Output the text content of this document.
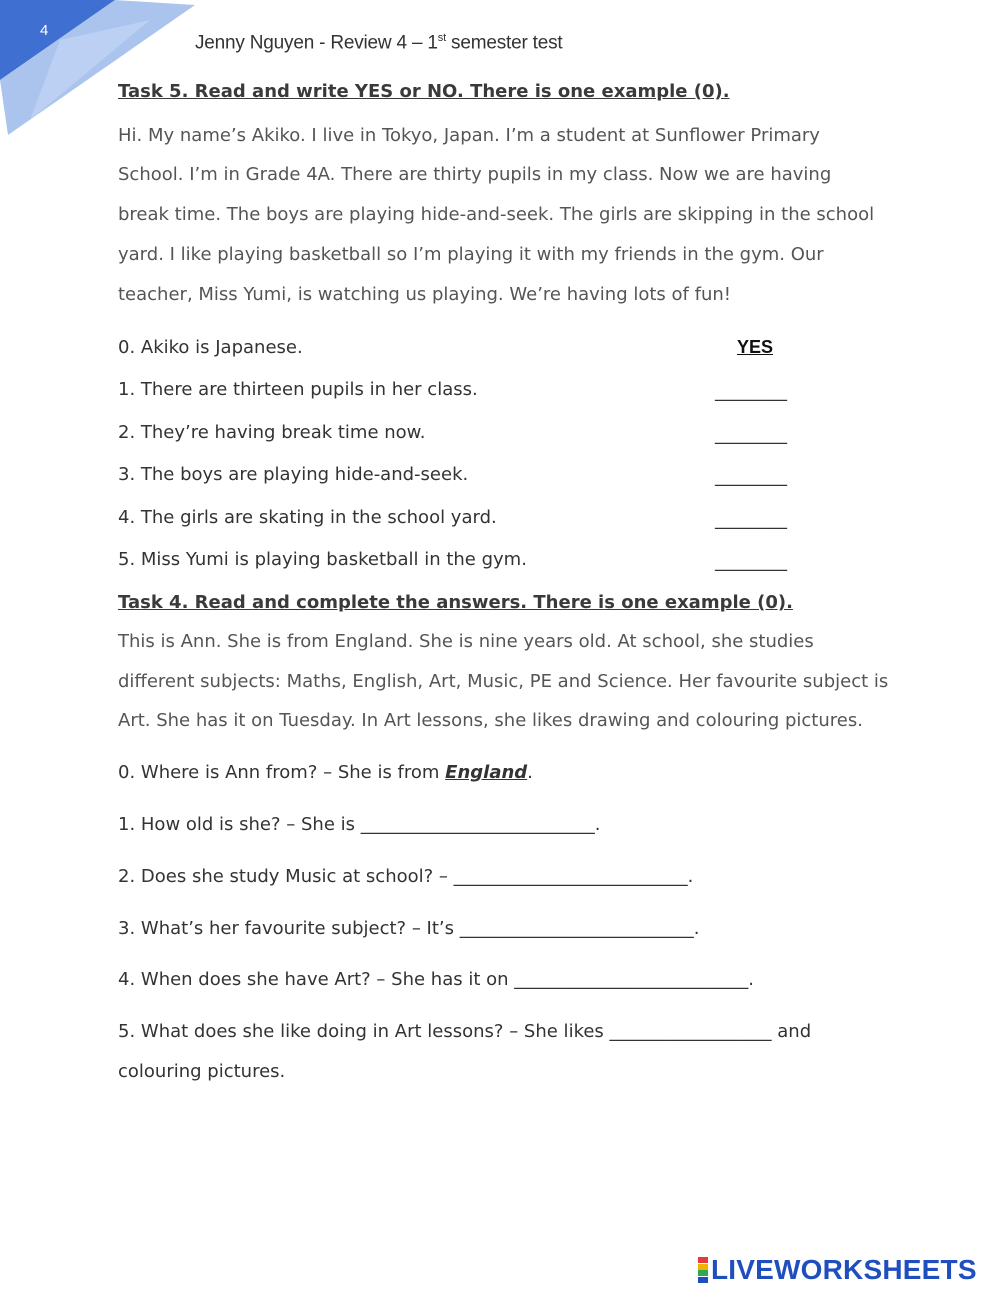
4
Jenny Nguyen - Review 4 – 1st semester test
Task 5. Read and write YES or NO. There is one example (0).
Hi. My name’s Akiko. I live in Tokyo, Japan. I’m a student at Sunflower Primary
School. I’m in Grade 4A. There are thirty pupils in my class. Now we are having
break time. The boys are playing hide-and-seek. The girls are skipping in the school
yard. I like playing basketball so I’m playing it with my friends in the gym. Our
teacher, Miss Yumi, is watching us playing. We’re having lots of fun!
0. Akiko is Japanese.	YES
1. There are thirteen pupils in her class.	________
2. They’re having break time now.	________
3. The boys are playing hide-and-seek.	________
4. The girls are skating in the school yard.	________
5. Miss Yumi is playing basketball in the gym.	________
Task 4. Read and complete the answers. There is one example (0).
This is Ann. She is from England. She is nine years old. At school, she studies
different subjects: Maths, English, Art, Music, PE and Science. Her favourite subject is
Art. She has it on Tuesday. In Art lessons, she likes drawing and colouring pictures.
0. Where is Ann from? – She is from England.
1. How old is she? – She is __________________________.
2. Does she study Music at school? – __________________________.
3. What’s her favourite subject? – It’s __________________________.
4. When does she have Art? – She has it on __________________________.
5. What does she like doing in Art lessons? – She likes __________________ and
colouring pictures.
LIVEWORKSHEETS
